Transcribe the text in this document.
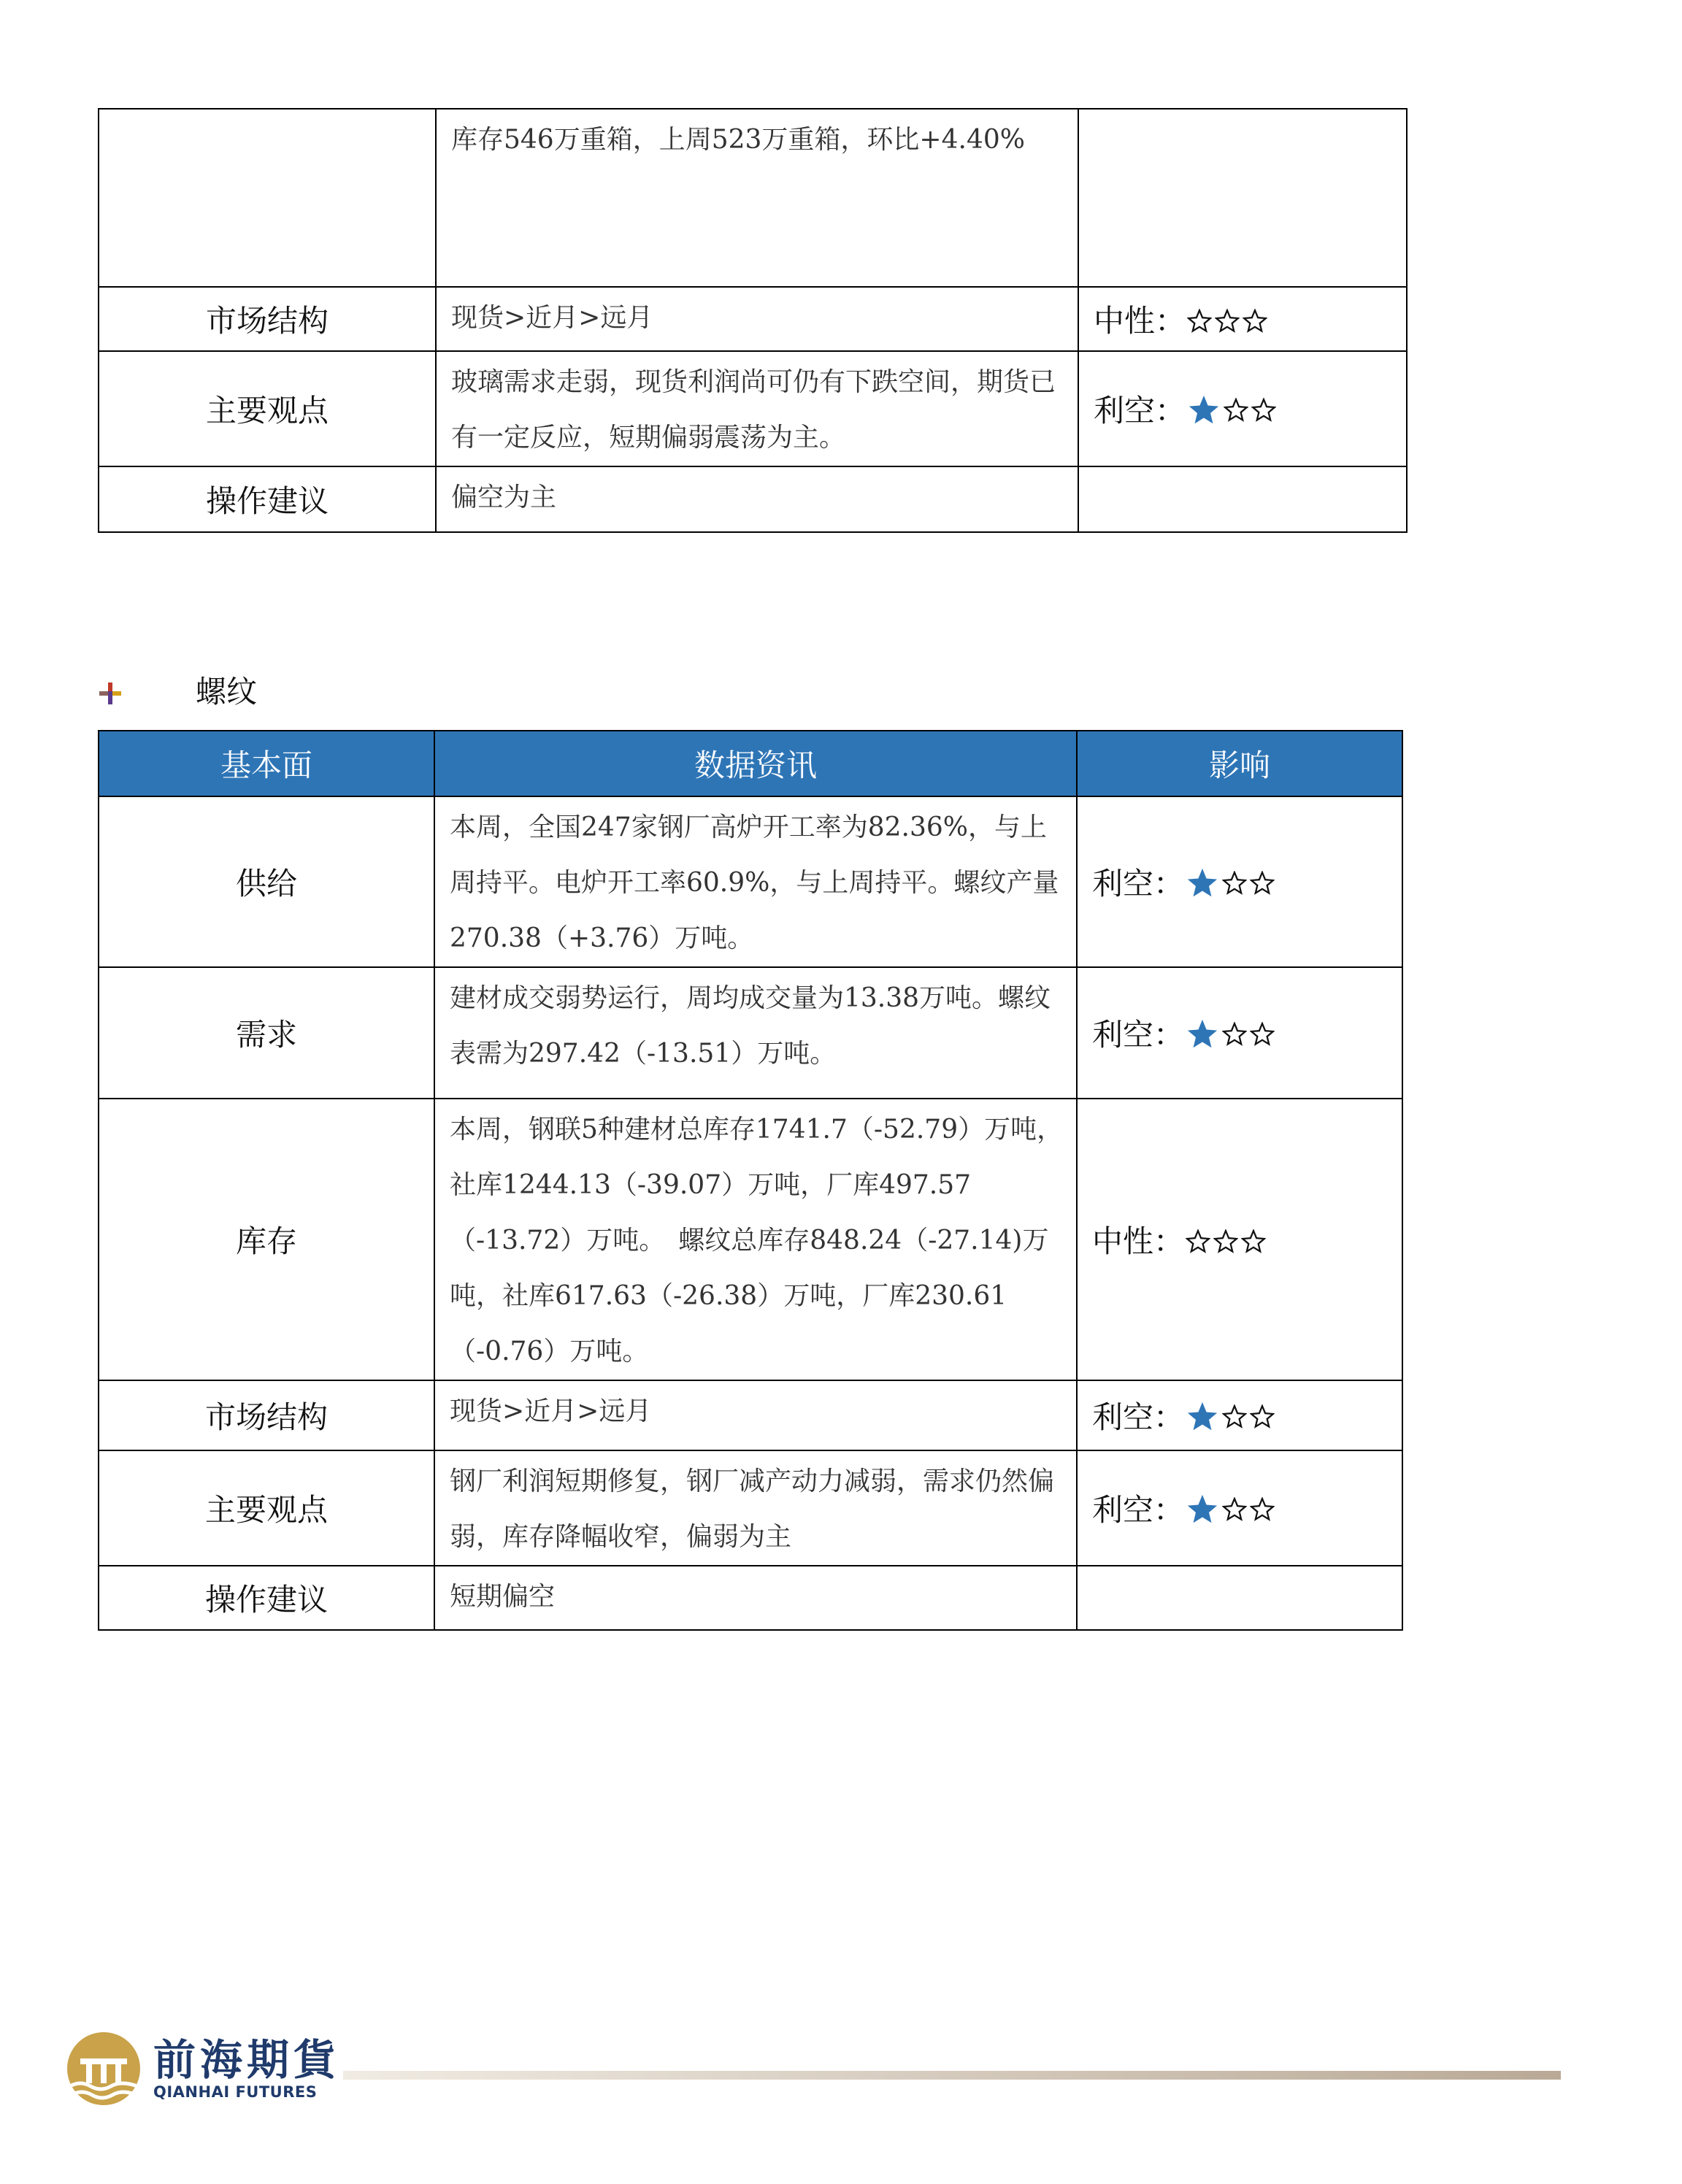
	库存546万重箱，上周523万重箱，环比+4.40%	
市场结构	现货>近月>远月	中性：
主要观点	玻璃需求走弱，现货利润尚可仍有下跌空间，期货已有一定反应，短期偏弱震荡为主。	利空：
操作建议	偏空为主	
螺纹
基本面	数据资讯	影响
供给	本周，全国247家钢厂高炉开工率为82.36%，与上周持平。电炉开工率60.9%，与上周持平。螺纹产量270.38（+3.76）万吨。	利空：
需求	建材成交弱势运行，周均成交量为13.38万吨。螺纹表需为297.42（-13.51）万吨。	利空：
库存	本周，钢联5种建材总库存1741.7（-52.79）万吨，社库1244.13（-39.07）万吨，厂库497.57（-13.72）万吨。　螺纹总库存848.24（-27.14)万吨，社库617.63（-26.38）万吨，厂库230.61（-0.76）万吨。	中性：
市场结构	现货>近月>远月	利空：
主要观点	钢厂利润短期修复，钢厂减产动力减弱，需求仍然偏弱，库存降幅收窄，偏弱为主	利空：
操作建议	短期偏空	
前海期貨
QIANHAI FUTURES
